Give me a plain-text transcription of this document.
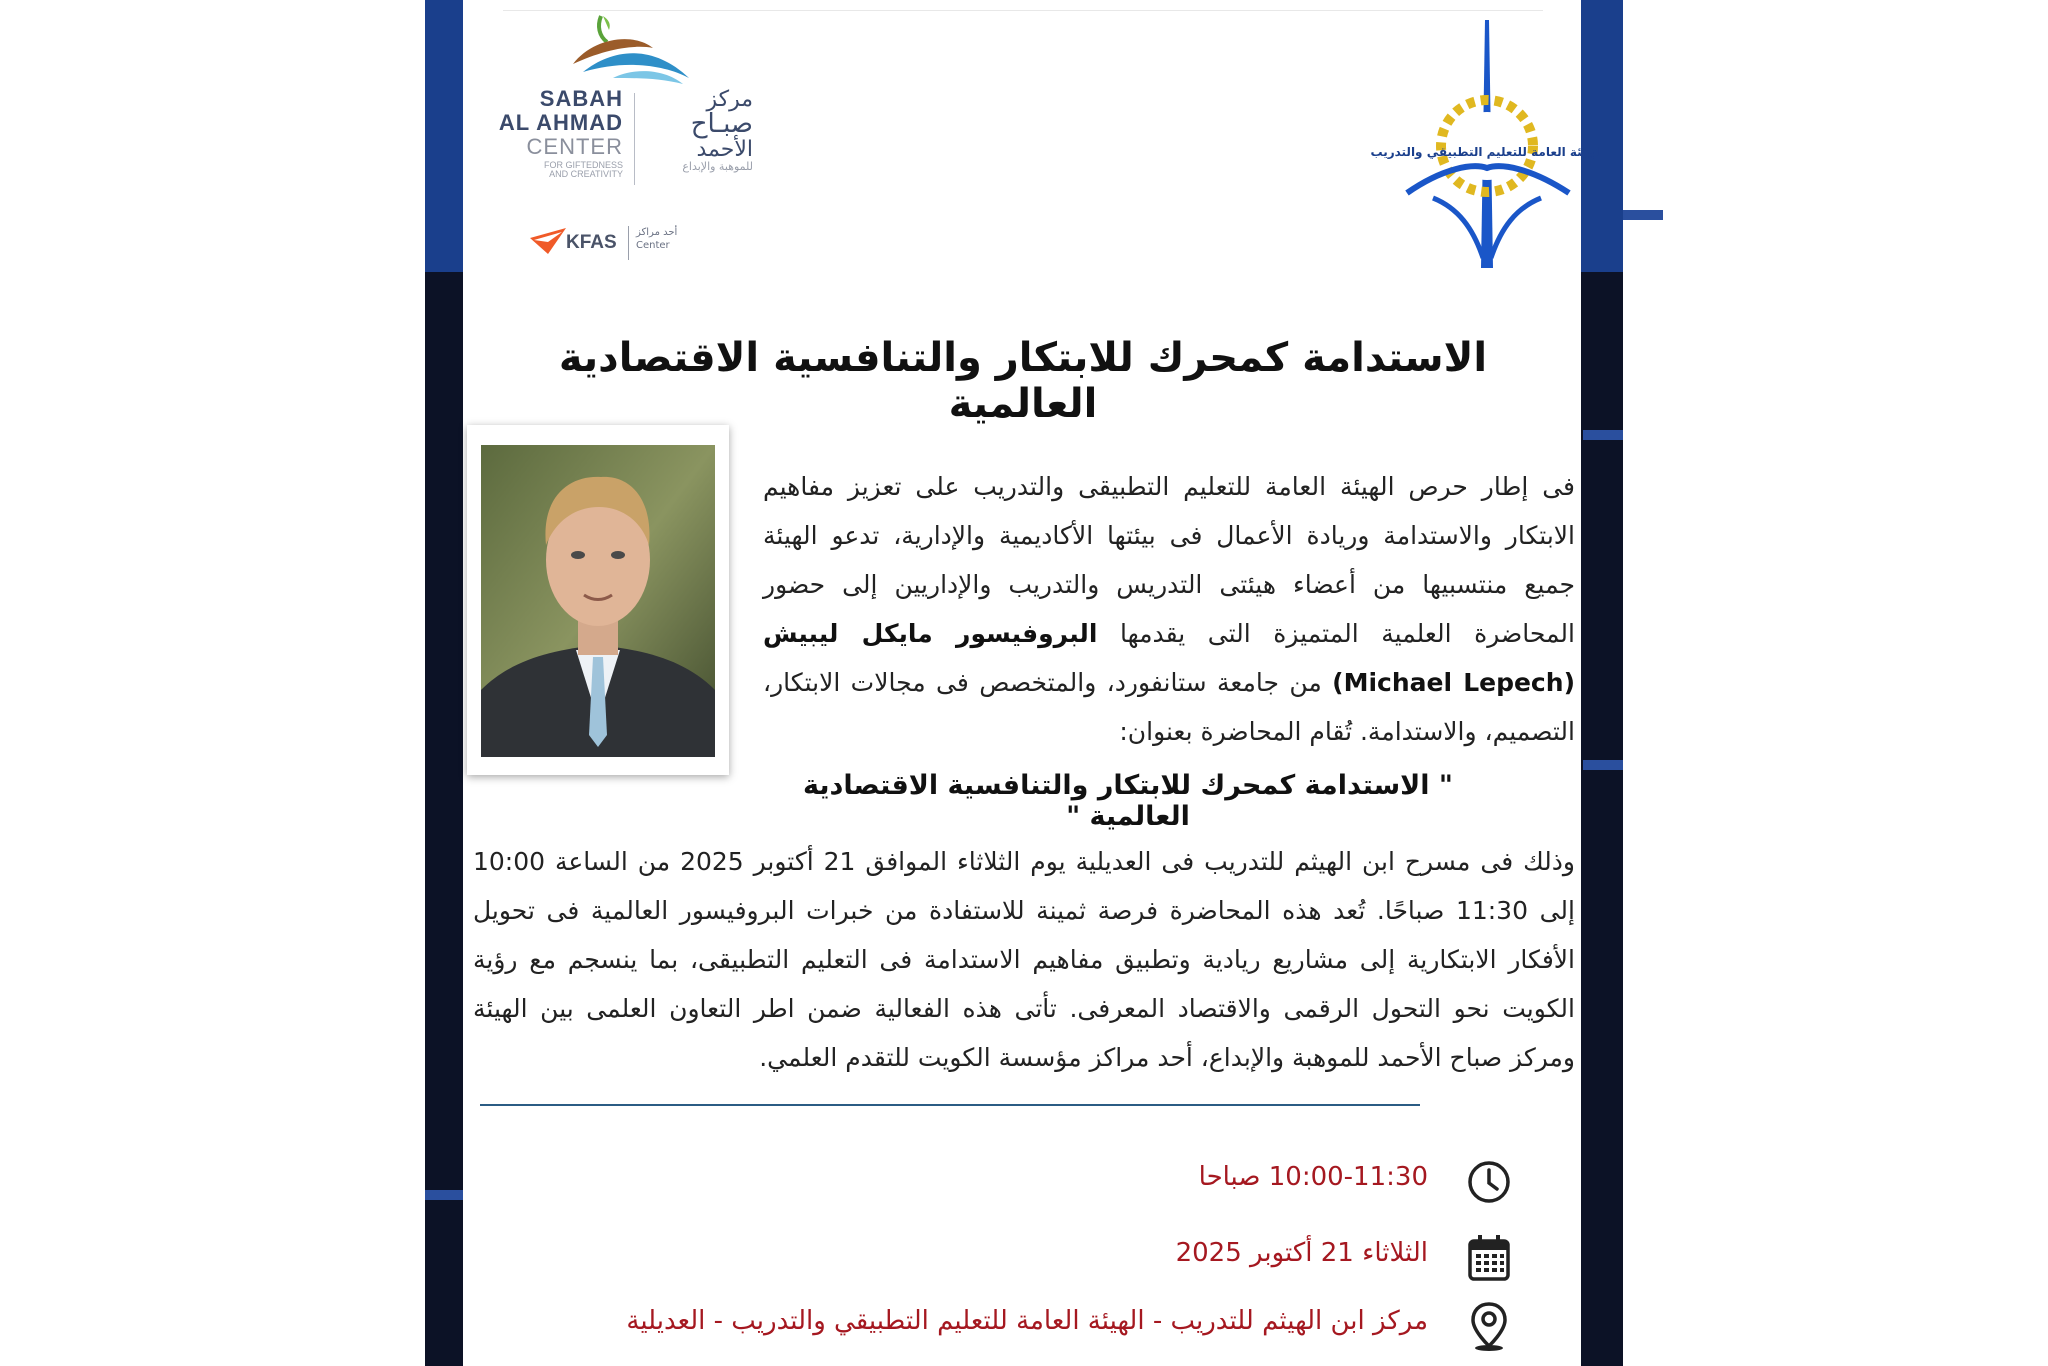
SABAH
AL AHMAD
CENTER
FOR GIFTEDNESS
AND CREATIVITY
مركز
صبـاح
الأحمد
للموهبة والإبداع
KFAS أحد مراكز
Center
الهيئة العامة للتعليم التطبيقي والتدريب
الاستدامة كمحرك للابتكار والتنافسية الاقتصادية العالمية
فى إطار حرص الهيئة العامة للتعليم التطبيقى والتدريب على تعزيز مفاهيم الابتكار والاستدامة وريادة الأعمال فى بيئتها الأكاديمية والإدارية، تدعو الهيئة جميع منتسبيها من أعضاء هيئتى التدريس والتدريب والإداريين إلى حضور المحاضرة العلمية المتميزة التى يقدمها البروفيسور مايكل ليبيش (Michael Lepech) من جامعة ستانفورد، والمتخصص فى مجالات الابتكار، التصميم، والاستدامة. تُقام المحاضرة بعنوان:
" الاستدامة كمحرك للابتكار والتنافسية الاقتصادية العالمية "
وذلك فى مسرح ابن الهيثم للتدريب فى العديلية يوم الثلاثاء الموافق 21 أكتوبر 2025 من الساعة 10:00 إلى 11:30 صباحًا. تُعد هذه المحاضرة فرصة ثمينة للاستفادة من خبرات البروفيسور العالمية فى تحويل الأفكار الابتكارية إلى مشاريع ريادية وتطبيق مفاهيم الاستدامة فى التعليم التطبيقى، بما ينسجم مع رؤية الكويت نحو التحول الرقمى والاقتصاد المعرفى. تأتى هذه الفعالية ضمن اطر التعاون العلمى بين الهيئة ومركز صباح الأحمد للموهبة والإبداع، أحد مراكز مؤسسة الكويت للتقدم العلمي.
10:00-11:30 صباحا
الثلاثاء 21 أكتوبر 2025
مركز ابن الهيثم للتدريب - الهيئة العامة للتعليم التطبيقي والتدريب - العديلية
